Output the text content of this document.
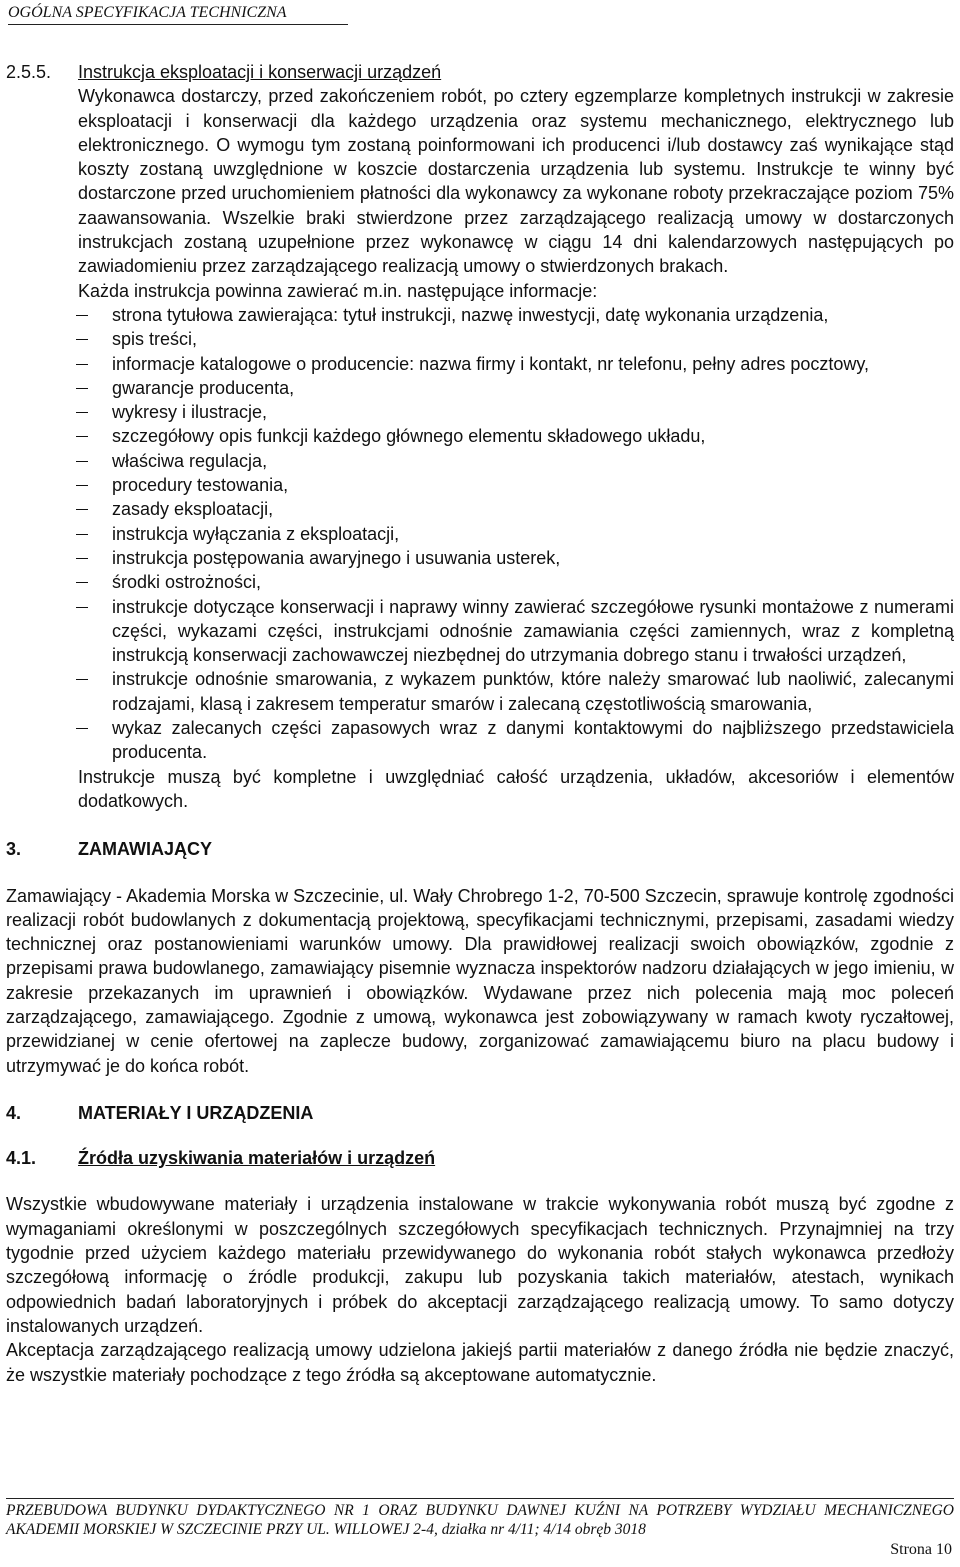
OGÓLNA SPECYFIKACJA TECHNICZNA
2.5.5. Instrukcja eksploatacji i konserwacji urządzeń

Wykonawca dostarczy, przed zakończeniem robót, po cztery egzemplarze kompletnych instrukcji w zakresie eksploatacji i konserwacji dla każdego urządzenia oraz systemu mechanicznego, elektrycznego lub elektronicznego. O wymogu tym zostaną poinformowani ich producenci i/lub dostawcy zaś wynikające stąd koszty zostaną uwzględnione w koszcie dostarczenia urządzenia lub systemu. Instrukcje te winny być dostarczone przed uruchomieniem płatności dla wykonawcy za wykonane roboty przekraczające poziom 75% zaawansowania. Wszelkie braki stwierdzone przez zarządzającego realizacją umowy w dostarczonych instrukcjach zostaną uzupełnione przez wykonawcę w ciągu 14 dni kalendarzowych następujących po zawiadomieniu przez zarządzającego realizacją umowy o stwierdzonych brakach.

Każda instrukcja powinna zawierać m.in. następujące informacje:

strona tytułowa zawierająca: tytuł instrukcji, nazwę inwestycji, datę wykonania urządzenia,
spis treści,
informacje katalogowe o producencie: nazwa firmy i kontakt, nr telefonu, pełny adres pocztowy,
gwarancje producenta,
wykresy i ilustracje,
szczegółowy opis funkcji każdego głównego elementu składowego układu,
właściwa regulacja,
procedury testowania,
zasady eksploatacji,
instrukcja wyłączania z eksploatacji,
instrukcja postępowania awaryjnego i usuwania usterek,
środki ostrożności,
instrukcje dotyczące konserwacji i naprawy winny zawierać szczegółowe rysunki montażowe z numerami części, wykazami części, instrukcjami odnośnie zamawiania części zamiennych, wraz z kompletną instrukcją konserwacji zachowawczej niezbędnej do utrzymania dobrego stanu i trwałości urządzeń,
instrukcje odnośnie smarowania, z wykazem punktów, które należy smarować lub naoliwić, zalecanymi rodzajami, klasą i zakresem temperatur smarów i zalecaną częstotliwością smarowania,
wykaz zalecanych części zapasowych wraz z danymi kontaktowymi do najbliższego przedstawiciela producenta.

Instrukcje muszą być kompletne i uwzględniać całość urządzenia, układów, akcesoriów i elementów dodatkowych.

3.	ZAMAWIAJĄCY

Zamawiający - Akademia Morska w Szczecinie, ul. Wały Chrobrego 1-2, 70-500 Szczecin, sprawuje kontrolę zgodności realizacji robót budowlanych z dokumentacją projektową, specyfikacjami technicznymi, przepisami, zasadami wiedzy technicznej oraz postanowieniami warunków umowy. Dla prawidłowej realizacji swoich obowiązków, zgodnie z przepisami prawa budowlanego, zamawiający pisemnie wyznacza inspektorów nadzoru działających w jego imieniu, w zakresie przekazanych im uprawnień i obowiązków. Wydawane przez nich polecenia mają moc poleceń zarządzającego, zamawiającego. Zgodnie z umową, wykonawca jest zobowiązywany w ramach kwoty ryczałtowej, przewidzianej w cenie ofertowej na zaplecze budowy, zorganizować zamawiającemu biuro na placu budowy i utrzymywać je do końca robót.

4.	MATERIAŁY I URZĄDZENIA
4.1. Źródła uzyskiwania materiałów i urządzeń

Wszystkie wbudowywane materiały i urządzenia instalowane w trakcie wykonywania robót muszą być zgodne z wymaganiami określonymi w poszczególnych szczegółowych specyfikacjach technicznych. Przynajmniej na trzy tygodnie przed użyciem każdego materiału przewidywanego do wykonania robót stałych wykonawca przedłoży szczegółową informację o źródle produkcji, zakupu lub pozyskania takich materiałów, atestach, wynikach odpowiednich badań laboratoryjnych i próbek do akceptacji zarządzającego realizacją umowy. To samo dotyczy instalowanych urządzeń.

Akceptacja zarządzającego realizacją umowy udzielona jakiejś partii materiałów z danego źródła nie będzie znaczyć, że wszystkie materiały pochodzące z tego źródła są akceptowane automatycznie.

PRZEBUDOWA BUDYNKU DYDAKTYCZNEGO NR 1 ORAZ BUDYNKU DAWNEJ KUŹNI NA POTRZEBY WYDZIAŁU MECHANICZNEGO AKADEMII MORSKIEJ W SZCZECINIE PRZY UL. WILLOWEJ 2-4, działka nr 4/11; 4/14 obręb 3018
Strona 10
